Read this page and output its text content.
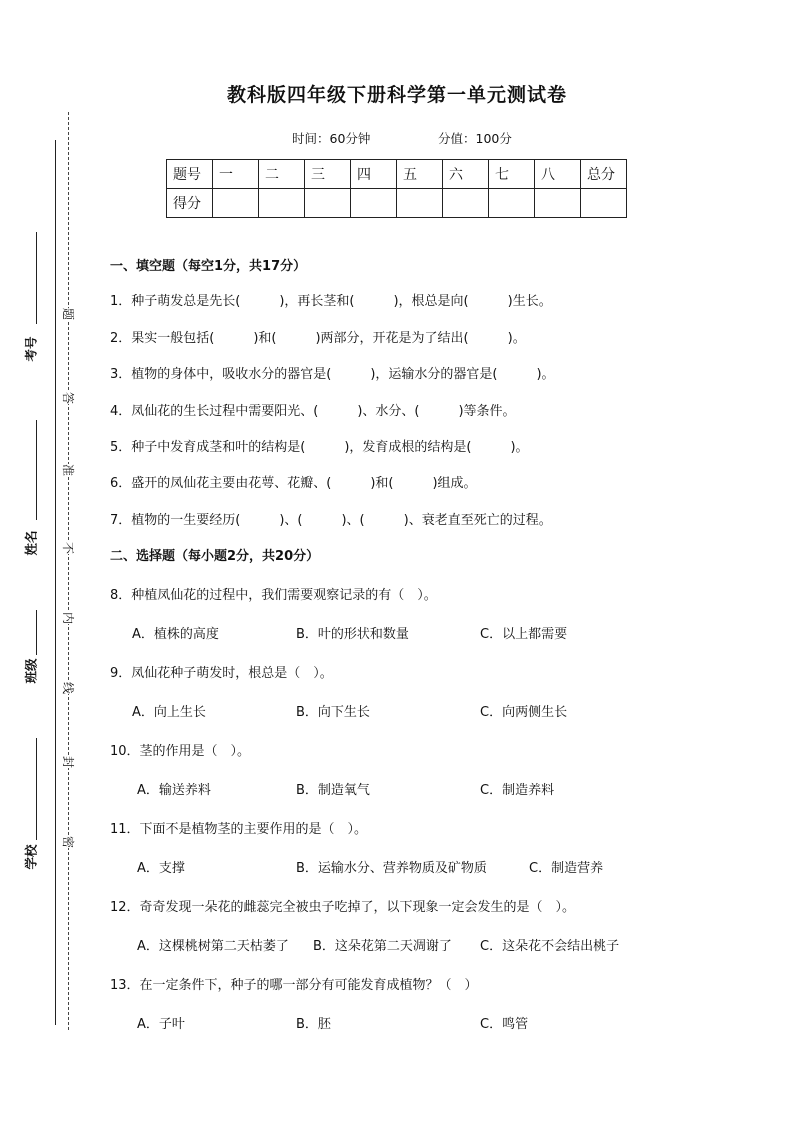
考号
姓名
班级
学校
题
答
准
不
内
线
封
密
教科版四年级下册科学第一单元测试卷
时间：60分钟	分值：100分
题号	一	二	三	四	五	六	七	八	总分
得分									
一、填空题（每空1分，共17分）
1．种子萌发总是先长(　　　)，再长茎和(　　　)，根总是向(　　　)生长。
2．果实一般包括(　　　)和(　　　)两部分，开花是为了结出(　　　)。
3．植物的身体中，吸收水分的器官是(　　　)，运输水分的器官是(　　　)。
4．凤仙花的生长过程中需要阳光、(　　　)、水分、(　　　)等条件。
5．种子中发育成茎和叶的结构是(　　　)，发育成根的结构是(　　　)。
6．盛开的凤仙花主要由花萼、花瓣、(　　　)和(　　　)组成。
7．植物的一生要经历(　　　)、(　　　)、(　　　)、衰老直至死亡的过程。
二、选择题（每小题2分，共20分）
8．种植凤仙花的过程中，我们需要观察记录的有（　）。
A．植株的高度	B．叶的形状和数量	C．以上都需要
9．凤仙花种子萌发时，根总是（　）。
A．向上生长	B．向下生长	C．向两侧生长
10．茎的作用是（　）。
A．输送养料	B．制造氧气	C．制造养料
11．下面不是植物茎的主要作用的是（　）。
A．支撑	B．运输水分、营养物质及矿物质	C．制造营养
12．奇奇发现一朵花的雌蕊完全被虫子吃掉了，以下现象一定会发生的是（　）。
A．这棵桃树第二天枯萎了 B．这朵花第二天凋谢了 C．这朵花不会结出桃子
13．在一定条件下，种子的哪一部分有可能发育成植物？（　）
A．子叶	B．胚	C．鸣管
